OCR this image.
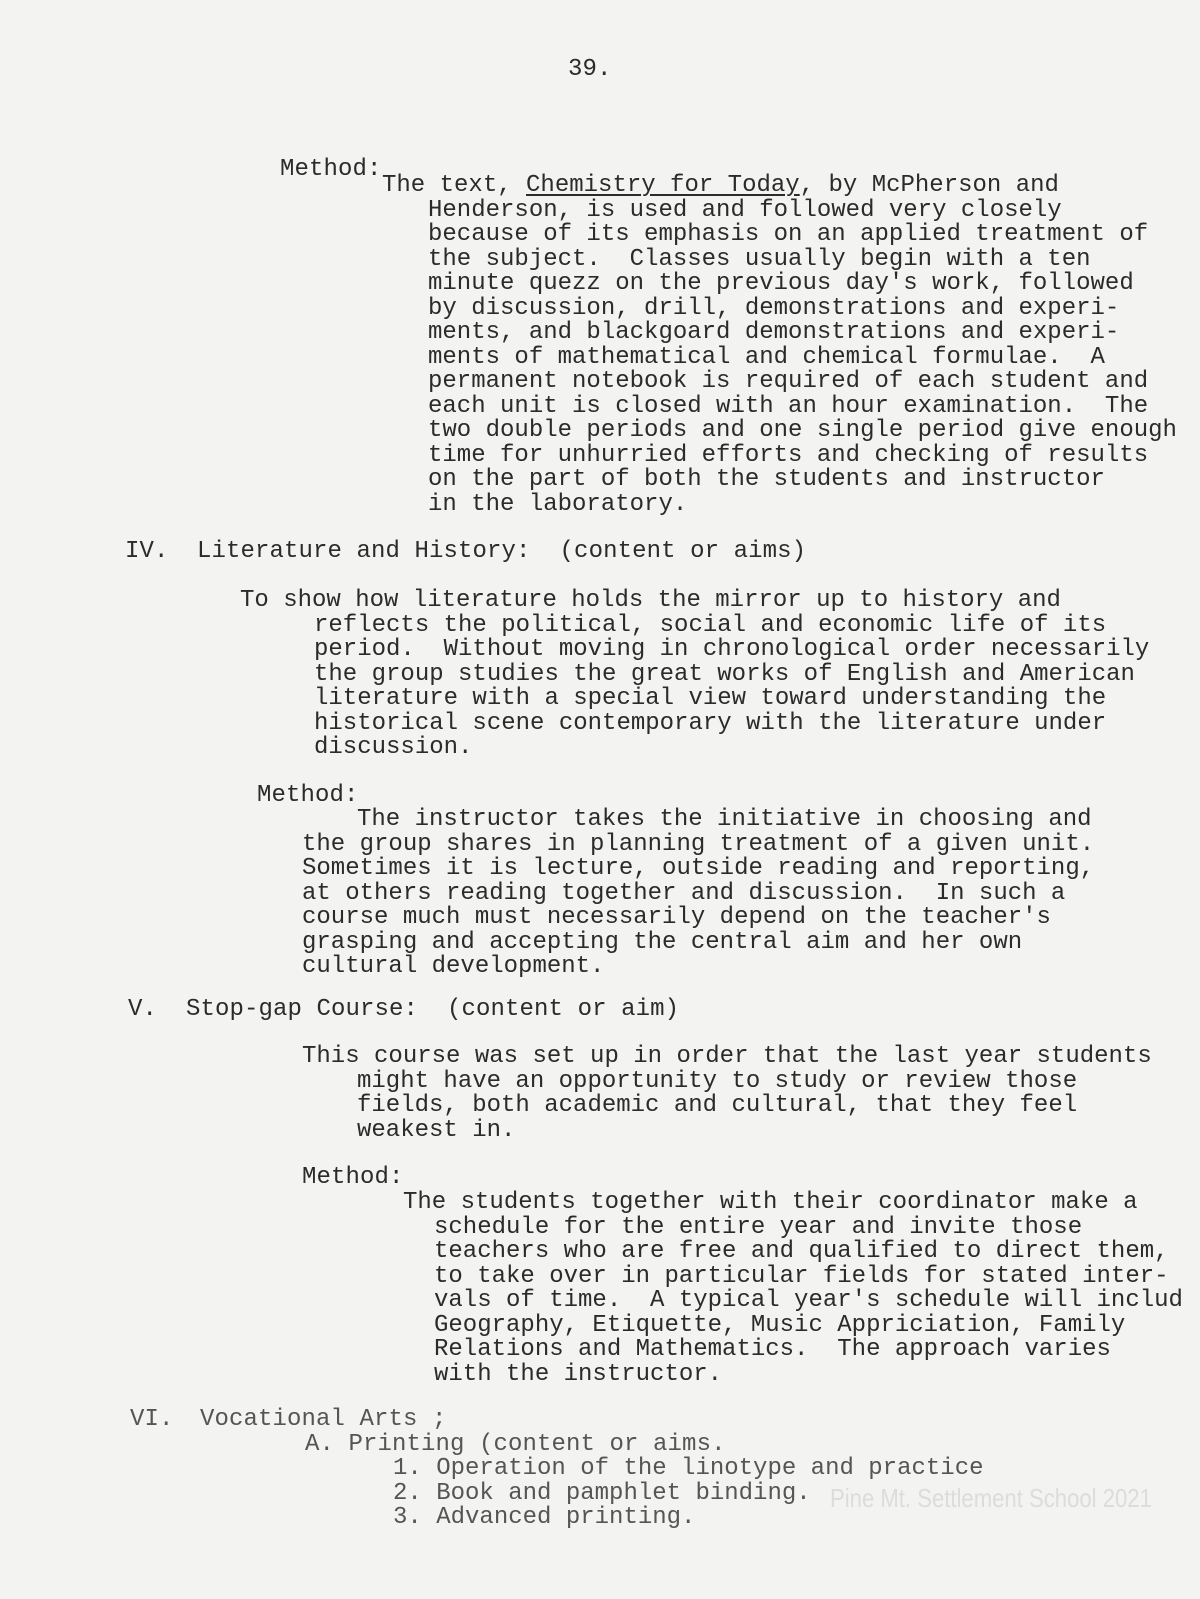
39.
Method:
The text, Chemistry for Today, by McPherson and
Henderson, is used and followed very closely
because of its emphasis on an applied treatment of
the subject.  Classes usually begin with a ten
minute quezz on the previous day's work, followed
by discussion, drill, demonstrations and experi-
ments, and blackgoard demonstrations and experi-
ments of mathematical and chemical formulae.  A
permanent notebook is required of each student and
each unit is closed with an hour examination.  The
two double periods and one single period give enough
time for unhurried efforts and checking of results
on the part of both the students and instructor
in the laboratory.
IV. Literature and History:  (content or aims)
To show how literature holds the mirror up to history and
reflects the political, social and economic life of its
period.  Without moving in chronological order necessarily
the group studies the great works of English and American
literature with a special view toward understanding the
historical scene contemporary with the literature under
discussion.
Method:
The instructor takes the initiative in choosing and
the group shares in planning treatment of a given unit.
Sometimes it is lecture, outside reading and reporting,
at others reading together and discussion.  In such a
course much must necessarily depend on the teacher's
grasping and accepting the central aim and her own
cultural development.
V. Stop-gap Course:  (content or aim)
This course was set up in order that the last year students
might have an opportunity to study or review those
fields, both academic and cultural, that they feel
weakest in.
Method:
The students together with their coordinator make a
schedule for the entire year and invite those
teachers who are free and qualified to direct them,
to take over in particular fields for stated inter-
vals of time.  A typical year's schedule will includ
Geography, Etiquette, Music Appriciation, Family
Relations and Mathematics.  The approach varies
with the instructor.
VI. Vocational Arts ;
A. Printing (content or aims.
1. Operation of the linotype and practice
2. Book and pamphlet binding.
3. Advanced printing.
Pine Mt. Settlement School 2021
